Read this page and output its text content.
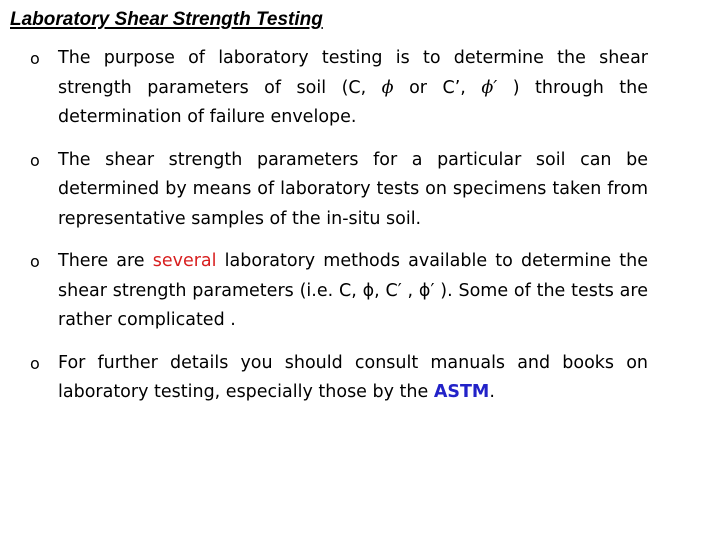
Laboratory Shear Strength Testing
o The purpose of laboratory testing is to determine the shear strength parameters of soil (C, ϕ or C’, ϕ′ ) through the determination of failure envelope.
o The shear strength parameters for a particular soil can be determined by means of laboratory tests on specimens taken from representative samples of the in-situ soil.
o There are several laboratory methods available to determine the shear strength parameters (i.e. C, ϕ, C′ , ϕ′ ). Some of the tests are rather complicated .
o For further details you should consult manuals and books on laboratory testing, especially those by the ASTM.
